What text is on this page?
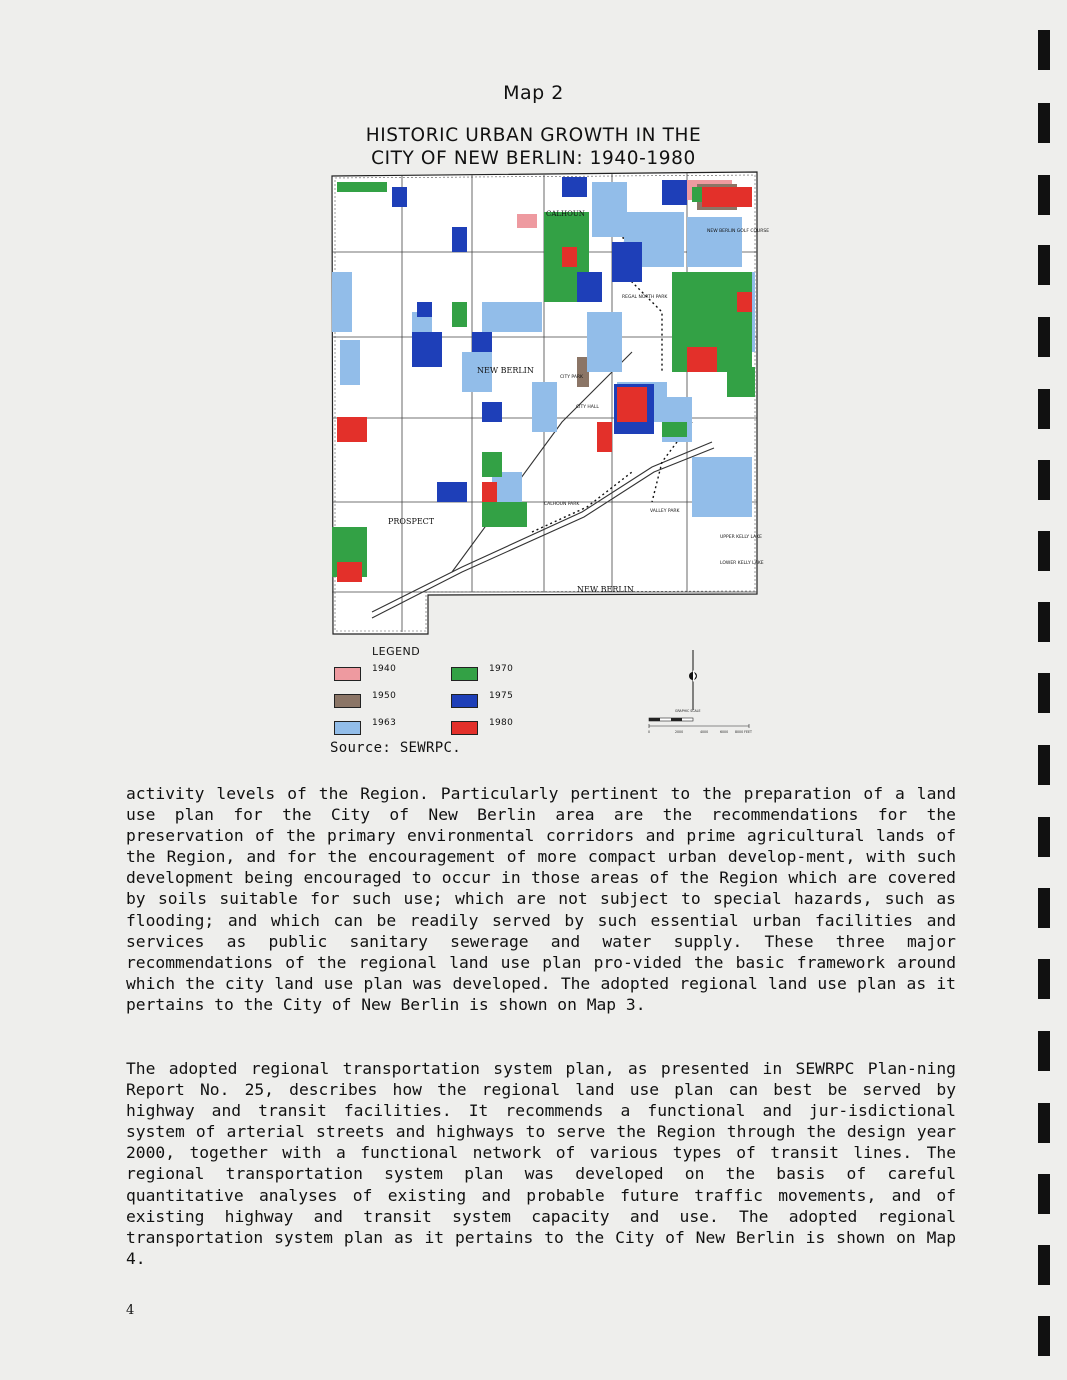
Map 2
HISTORIC URBAN GROWTH IN THE
CITY OF NEW BERLIN: 1940-1980
NEW BERLIN
CALHOUN
PROSPECT
NEW BERLIN
UPPER KELLY LAKE
LOWER KELLY LAKE
NEW BERLIN GOLF COURSE
CITY PARK
CALHOUN PARK
VALLEY PARK
REGAL NORTH PARK
CITY HALL
LEGEND
1940
1950
1963
1970
1975
1980
GRAPHIC SCALE
0	2000	4000	6000 8000 FEET
Source: SEWRPC.

activity levels of the Region. Particularly pertinent to the preparation of a land use plan for the City of New Berlin area are the recommendations for the preservation of the primary environmental corridors and prime agricultural lands of the Region, and for the encouragement of more compact urban develop-ment, with such development being encouraged to occur in those areas of the Region which are covered by soils suitable for such use; which are not subject to special hazards, such as flooding; and which can be readily served by such essential urban facilities and services as public sanitary sewerage and water supply. These three major recommendations of the regional land use plan pro-vided the basic framework around which the city land use plan was developed. The adopted regional land use plan as it pertains to the City of New Berlin is shown on Map 3.

The adopted regional transportation system plan, as presented in SEWRPC Plan-ning Report No. 25, describes how the regional land use plan can best be served by highway and transit facilities. It recommends a functional and jur-isdictional system of arterial streets and highways to serve the Region through the design year 2000, together with a functional network of various types of transit lines. The regional transportation system plan was developed on the basis of careful quantitative analyses of existing and probable future traffic movements, and of existing highway and transit system capacity and use. The adopted regional transportation system plan as it pertains to the City of New Berlin is shown on Map 4.

4
